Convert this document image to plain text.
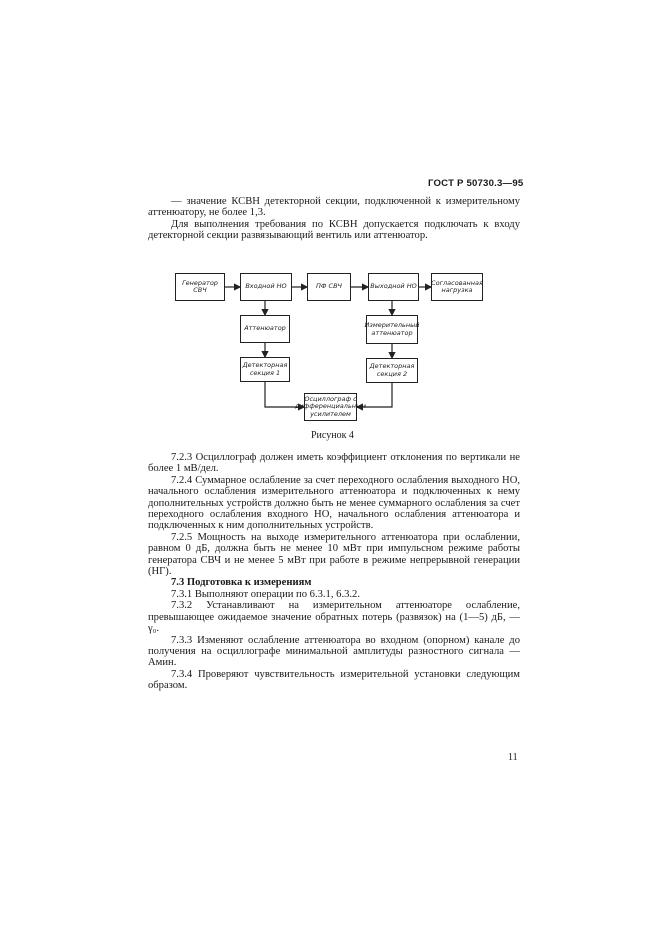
ГОСТ Р 50730.3—95

— значение КСВН детекторной секции, подключенной к измерительному аттенюатору, не более 1,3.

Для выполнения требования по КСВН допускается подключать к входу детекторной секции развязывающий вентиль или аттенюатор.

Генератор СВЧ	Входной НО	ПФ СВЧ	Выходной НО	Согласованная нагрузка
Аттенюатор	Измерительный аттенюатор
Детекторная секция 1
Детекторная секция 2
Осциллограф с дифференциальным усилителем
Рисунок 4

7.2.3 Осциллограф должен иметь коэффициент отклонения по вертикали не более 1 мВ/дел.

7.2.4 Суммарное ослабление за счет переходного ослабления выходного НО, начального ослабления измерительного аттенюатора и подключенных к нему дополнительных устройств должно быть не менее суммарного ослабления за счет переходного ослабления входного НО, начального ослабления аттенюатора и подключенных к ним дополнительных устройств.

7.2.5 Мощность на выходе измерительного аттенюатора при ослаблении, равном 0 дБ, должна быть не менее 10 мВт при импульсном режиме работы генератора СВЧ и не менее 5 мВт при работе в режиме непрерывной генерации (НГ).

7.3 Подготовка к измерениям

7.3.1 Выполняют операции по 6.3.1, 6.3.2.

7.3.2 Устанавливают на измерительном аттенюаторе ослабление, превышающее ожидаемое значение обратных потерь (развязок) на (1—5) дБ, — γ₀.

7.3.3 Изменяют ослабление аттенюатора во входном (опорном) канале до получения на осциллографе минимальной амплитуды разностного сигнала — Aмин.

7.3.4 Проверяют чувствительность измерительной установки следующим образом.

11
